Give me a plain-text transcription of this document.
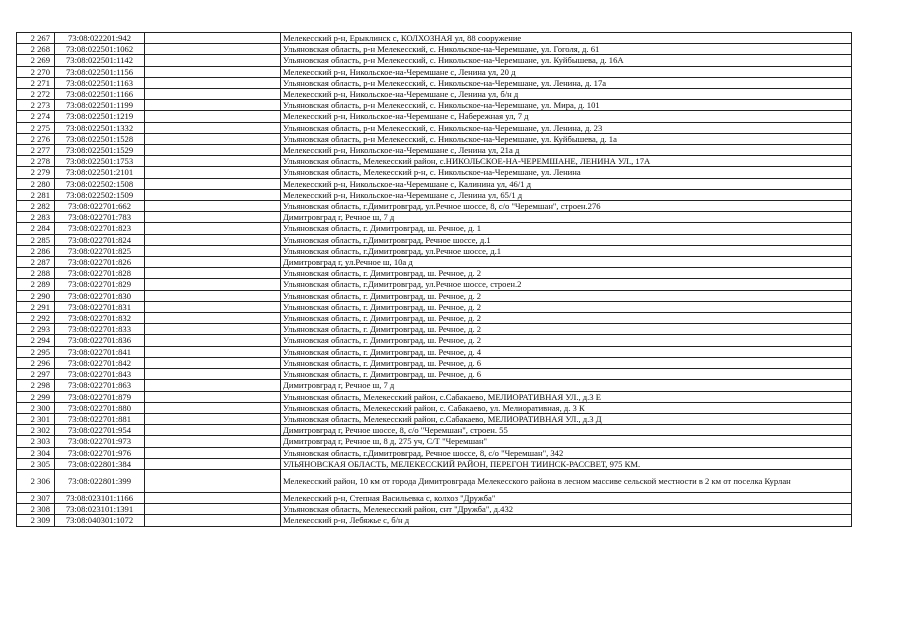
2 267	73:08:022201:942		Мелекесский р-н, Ерыклинск с, КОЛХОЗНАЯ ул, 88 сооружение
2 268	73:08:022501:1062		Ульяновская область, р-н Мелекесский, с. Никольское-на-Черемшане, ул. Гоголя, д. 61
2 269	73:08:022501:1142		Ульяновская область, р-н Мелекесский, с. Никольское-на-Черемшане, ул. Куйбышева, д. 16А
2 270	73:08:022501:1156		Мелекесский р-н, Никольское-на-Черемшане с, Ленина ул, 20 д
2 271	73:08:022501:1163		Ульяновская область, р-н Мелекесский, с. Никольское-на-Черемшане, ул. Ленина, д. 17а
2 272	73:08:022501:1166		Мелекесский р-н, Никольское-на-Черемшане с, Ленина ул, б/н д
2 273	73:08:022501:1199		Ульяновская область, р-н Мелекесский, с. Никольское-на-Черемшане, ул. Мира, д. 101
2 274	73:08:022501:1219		Мелекесский р-н, Никольское-на-Черемшане с, Набережная ул, 7 д
2 275	73:08:022501:1332		Ульяновская область, р-н Мелекесский, с. Никольское-на-Черемшане, ул. Ленина, д. 23
2 276	73:08:022501:1528		Ульяновская область, р-н Мелекесский, с. Никольское-на-Черемшане, ул. Куйбышева, д. 1а
2 277	73:08:022501:1529		Мелекесский р-н, Никольское-на-Черемшане с, Ленина ул, 21а д
2 278	73:08:022501:1753		Ульяновская область, Мелекесский район, с.НИКОЛЬСКОЕ-НА-ЧЕРЕМШАНЕ, ЛЕНИНА УЛ., 17А
2 279	73:08:022501:2101		Ульяновская область, Мелекесский р-н, с. Никольское-на-Черемшане, ул. Ленина
2 280	73:08:022502:1508		Мелекесский р-н, Никольское-на-Черемшане с, Калинина ул, 46/1 д
2 281	73:08:022502:1509		Мелекесский р-н, Никольское-на-Черемшане с, Ленина ул, 65/1 д
2 282	73:08:022701:662		Ульяновская область, г.Димитровград, ул.Речное шоссе, 8, с/о "Черемшан", строен.276
2 283	73:08:022701:783		Димитровград г, Речное ш, 7 д
2 284	73:08:022701:823		Ульяновская область, г. Димитровград, ш. Речное, д. 1
2 285	73:08:022701:824		Ульяновская область, г.Димитровград, Речное шоссе, д.1
2 286	73:08:022701:825		Ульяновская область, г.Димитровград, ул.Речное шоссе, д.1
2 287	73:08:022701:826		Димитровград г, ул.Речное ш, 10а д
2 288	73:08:022701:828		Ульяновская область, г. Димитровград, ш. Речное, д. 2
2 289	73:08:022701:829		Ульяновская область, г.Димитровград, ул.Речное шоссе, строен.2
2 290	73:08:022701:830		Ульяновская область, г. Димитровград, ш. Речное, д. 2
2 291	73:08:022701:831		Ульяновская область, г. Димитровград, ш. Речное, д. 2
2 292	73:08:022701:832		Ульяновская область, г. Димитровград, ш. Речное, д. 2
2 293	73:08:022701:833		Ульяновская область, г. Димитровград, ш. Речное, д. 2
2 294	73:08:022701:836		Ульяновская область, г. Димитровград, ш. Речное, д. 2
2 295	73:08:022701:841		Ульяновская область, г. Димитровград, ш. Речное, д. 4
2 296	73:08:022701:842		Ульяновская область, г. Димитровград, ш. Речное, д. 6
2 297	73:08:022701:843		Ульяновская область, г. Димитровград, ш. Речное, д. 6
2 298	73:08:022701:863		Димитровград г, Речное ш, 7 д
2 299	73:08:022701:879		Ульяновская область, Мелекесский район, с.Сабакаево, МЕЛИОРАТИВНАЯ УЛ., д.3 Е
2 300	73:08:022701:880		Ульяновская область, Мелекесский район, с. Сабакаево, ул. Мелиоративная, д. 3 К
2 301	73:08:022701:881		Ульяновская область, Мелекесский район, с.Сабакаево, МЕЛИОРАТИВНАЯ УЛ., д.3 Д
2 302	73:08:022701:954		Димитровград г, Речное шоссе, 8, с/о "Черемшан", строен. 55
2 303	73:08:022701:973		Димитровград г, Речное ш, 8 д, 275 уч, С/Т "Черемшан"
2 304	73:08:022701:976		Ульяновская область, г.Димитровград, Речное шоссе, 8, с/о "Черемшан", 342
2 305	73:08:022801:384		УЛЬЯНОВСКАЯ ОБЛАСТЬ, МЕЛЕКЕССКИЙ РАЙОН, ПЕРЕГОН ТИИНСК-РАССВЕТ, 975 КМ.
2 306	73:08:022801:399		Мелекесский район, 10 км от города Димитровграда Мелекесского района в лесном массиве сельской местности в 2 км от поселка Курлан
2 307	73:08:023101:1166		Мелекесский р-н, Степная Васильевка с, колхоз "Дружба"
2 308	73:08:023101:1391		Ульяновская область, Мелекесский район, снт "Дружба", д.432
2 309	73:08:040301:1072		Мелекесский р-н, Лебяжье с, б/н д
